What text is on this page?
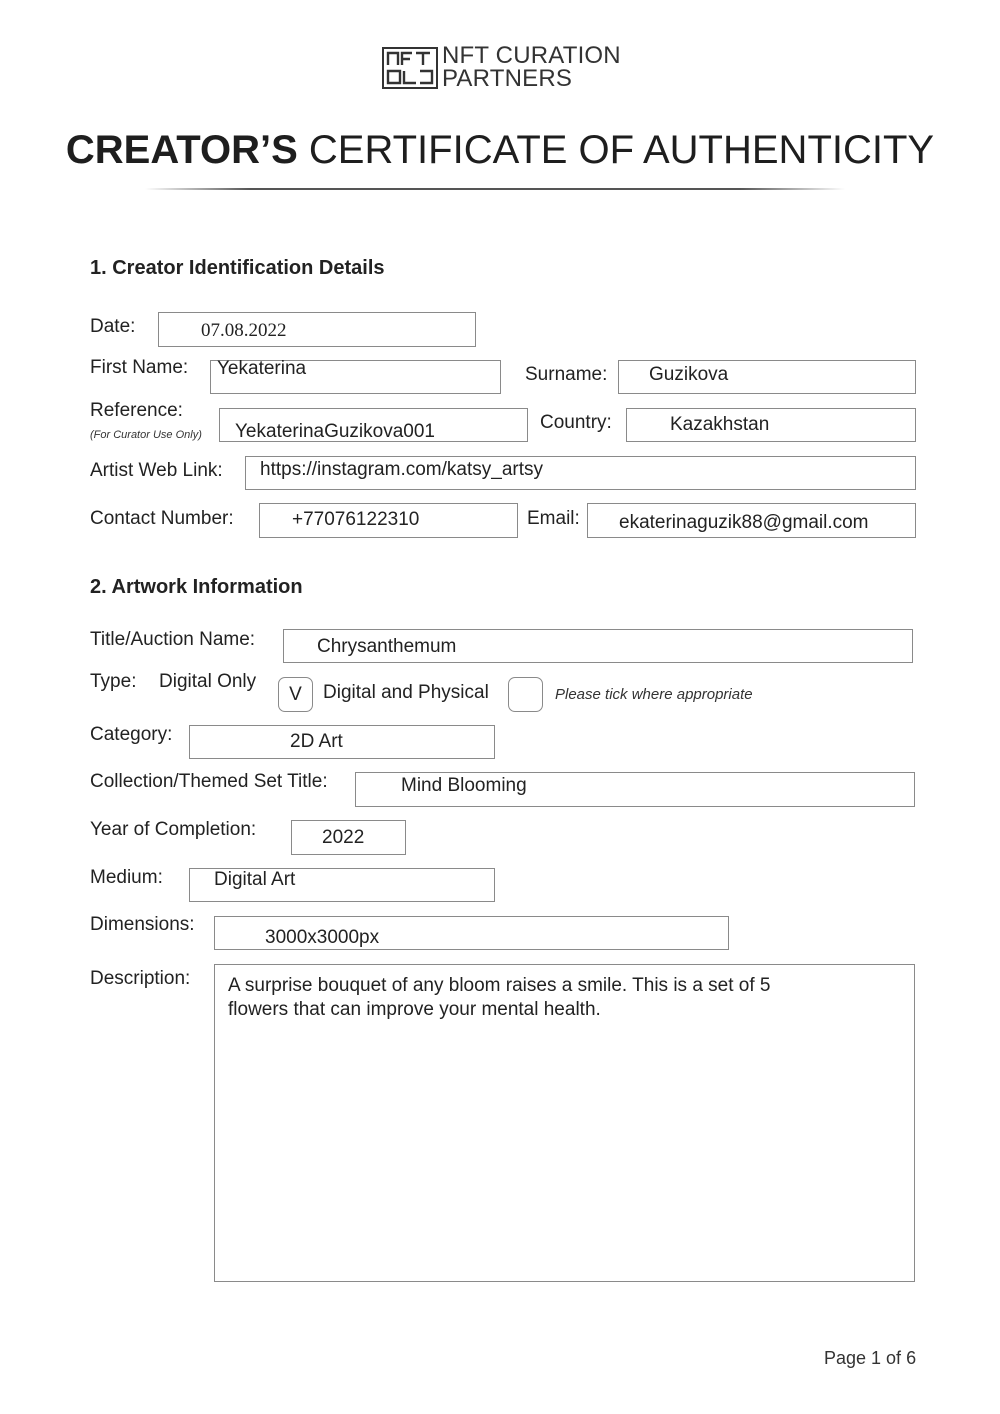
NFT CURATION
PARTNERS
CREATOR’S CERTIFICATE OF AUTHENTICITY
1. Creator Identification Details
Date:	07.08.2022
First Name: Yekaterina	Surname: Guzikova
Reference:
(For Curator Use Only) YekaterinaGuzikova001	Country:	Kazakhstan
Artist Web Link: https://instagram.com/katsy_artsy
Contact Number:	+77076122310	Email: ekaterinaguzik88@gmail.com
2. Artwork Information
Title/Auction Name:	Chrysanthemum
Type: Digital Only
V	Digital and Physical	Please tick where appropriate
Category:	2D Art
Collection/Themed Set Title:	Mind Blooming
Year of Completion:	2022
Medium:	Digital Art
Dimensions:
3000x3000px
Description: A surprise bouquet of any bloom raises a smile. This is a set of 5
flowers that can improve your mental health.
Page 1 of 6
